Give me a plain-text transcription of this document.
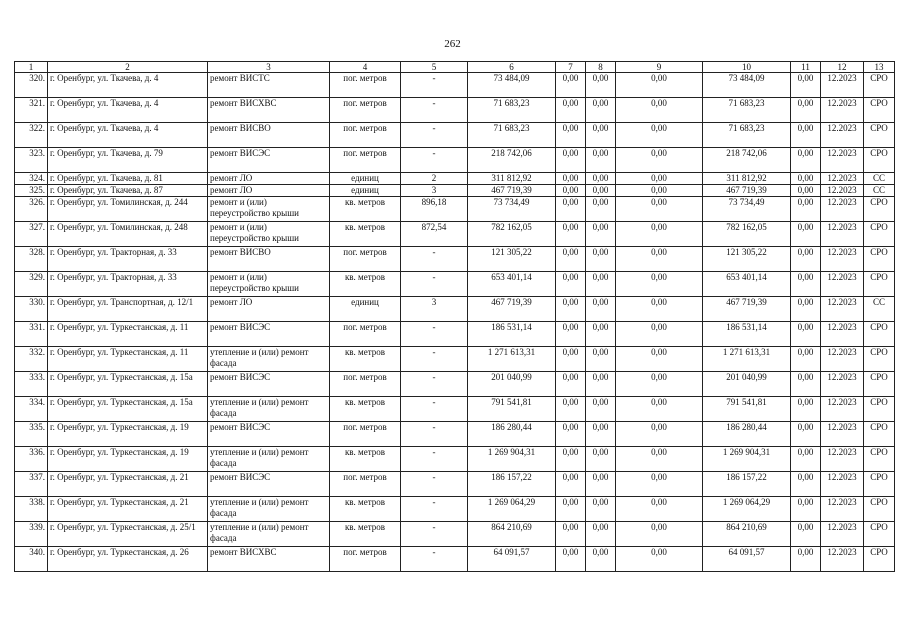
262
1	2	3	4	5	6	7	8	9	10	11	12	13
320.	г. Оренбург, ул. Ткачева, д. 4	ремонт ВИСТС	пог. метров	-	73 484,09	0,00	0,00	0,00	73 484,09	0,00	12.2023	СРО
321.	г. Оренбург, ул. Ткачева, д. 4	ремонт ВИСХВС	пог. метров	-	71 683,23	0,00	0,00	0,00	71 683,23	0,00	12.2023	СРО
322.	г. Оренбург, ул. Ткачева, д. 4	ремонт ВИСВО	пог. метров	-	71 683,23	0,00	0,00	0,00	71 683,23	0,00	12.2023	СРО
323.	г. Оренбург, ул. Ткачева, д. 79	ремонт ВИСЭС	пог. метров	-	218 742,06	0,00	0,00	0,00	218 742,06	0,00	12.2023	СРО
324.	г. Оренбург, ул. Ткачева, д. 81	ремонт ЛО	единиц	2	311 812,92	0,00	0,00	0,00	311 812,92	0,00	12.2023	СС
325.	г. Оренбург, ул. Ткачева, д. 87	ремонт ЛО	единиц	3	467 719,39	0,00	0,00	0,00	467 719,39	0,00	12.2023	СС
326.	г. Оренбург, ул. Томилинская, д. 244	ремонт и (или) переустройство крыши	кв. метров	896,18	73 734,49	0,00	0,00	0,00	73 734,49	0,00	12.2023	СРО
327.	г. Оренбург, ул. Томилинская, д. 248	ремонт и (или) переустройство крыши	кв. метров	872,54	782 162,05	0,00	0,00	0,00	782 162,05	0,00	12.2023	СРО
328.	г. Оренбург, ул. Тракторная, д. 33	ремонт ВИСВО	пог. метров	-	121 305,22	0,00	0,00	0,00	121 305,22	0,00	12.2023	СРО
329.	г. Оренбург, ул. Тракторная, д. 33	ремонт и (или) переустройство крыши	кв. метров	-	653 401,14	0,00	0,00	0,00	653 401,14	0,00	12.2023	СРО
330.	г. Оренбург, ул. Транспортная, д. 12/1	ремонт ЛО	единиц	3	467 719,39	0,00	0,00	0,00	467 719,39	0,00	12.2023	СС
331.	г. Оренбург, ул. Туркестанская, д. 11	ремонт ВИСЭС	пог. метров	-	186 531,14	0,00	0,00	0,00	186 531,14	0,00	12.2023	СРО
332.	г. Оренбург, ул. Туркестанская, д. 11	утепление и (или) ремонт фасада	кв. метров	-	1 271 613,31	0,00	0,00	0,00	1 271 613,31	0,00	12.2023	СРО
333.	г. Оренбург, ул. Туркестанская, д. 15а	ремонт ВИСЭС	пог. метров	-	201 040,99	0,00	0,00	0,00	201 040,99	0,00	12.2023	СРО
334.	г. Оренбург, ул. Туркестанская, д. 15а	утепление и (или) ремонт фасада	кв. метров	-	791 541,81	0,00	0,00	0,00	791 541,81	0,00	12.2023	СРО
335.	г. Оренбург, ул. Туркестанская, д. 19	ремонт ВИСЭС	пог. метров	-	186 280,44	0,00	0,00	0,00	186 280,44	0,00	12.2023	СРО
336.	г. Оренбург, ул. Туркестанская, д. 19	утепление и (или) ремонт фасада	кв. метров	-	1 269 904,31	0,00	0,00	0,00	1 269 904,31	0,00	12.2023	СРО
337.	г. Оренбург, ул. Туркестанская, д. 21	ремонт ВИСЭС	пог. метров	-	186 157,22	0,00	0,00	0,00	186 157,22	0,00	12.2023	СРО
338.	г. Оренбург, ул. Туркестанская, д. 21	утепление и (или) ремонт фасада	кв. метров	-	1 269 064,29	0,00	0,00	0,00	1 269 064,29	0,00	12.2023	СРО
339.	г. Оренбург, ул. Туркестанская, д. 25/1	утепление и (или) ремонт фасада	кв. метров	-	864 210,69	0,00	0,00	0,00	864 210,69	0,00	12.2023	СРО
340.	г. Оренбург, ул. Туркестанская, д. 26	ремонт ВИСХВС	пог. метров	-	64 091,57	0,00	0,00	0,00	64 091,57	0,00	12.2023	СРО
